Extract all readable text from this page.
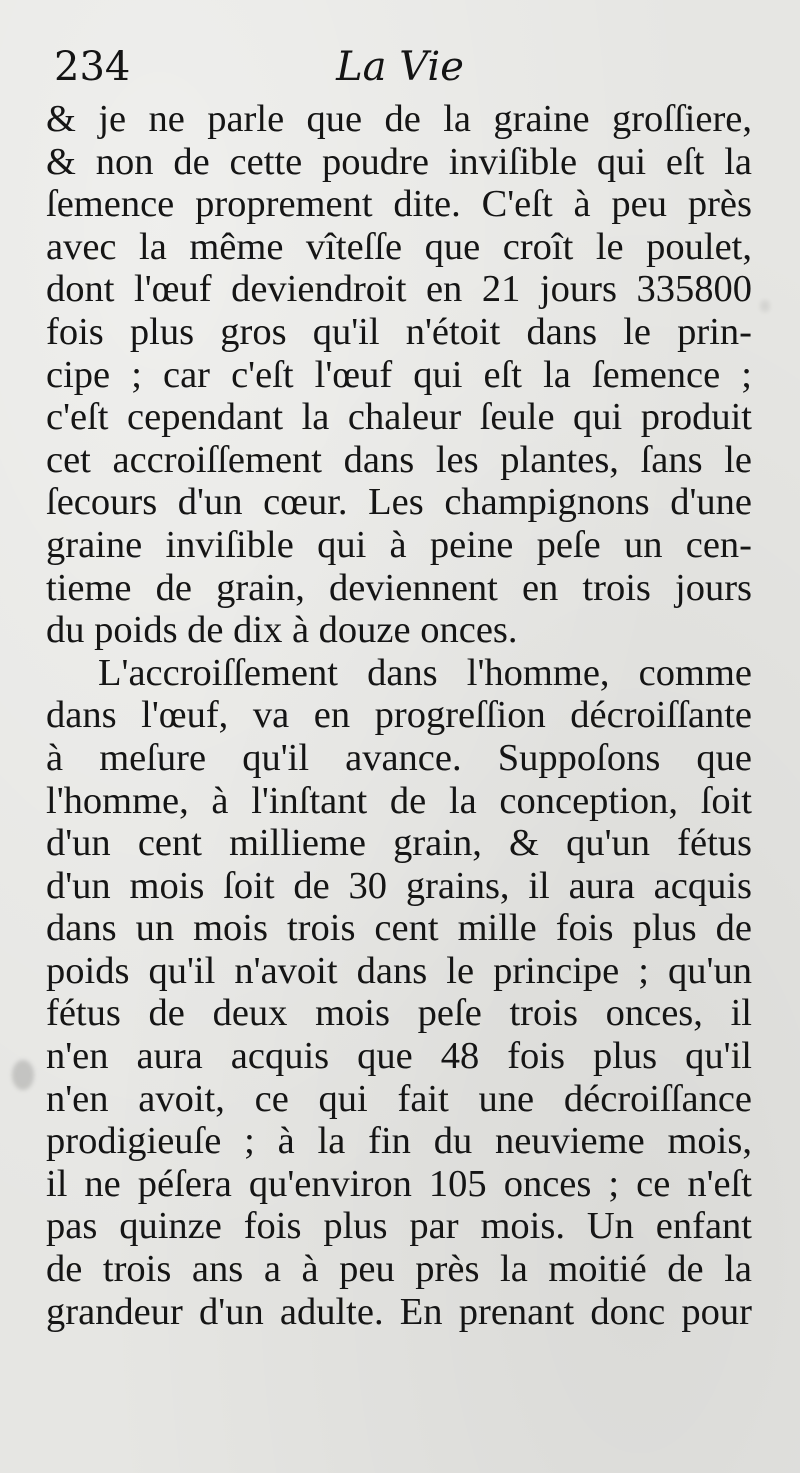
234	La Vie
& je ne parle que de la graine groſſiere,
& non de cette poudre inviſible qui eſt la
ſemence proprement dite. C'eſt à peu près
avec la même vîteſſe que croît le poulet,
dont l'œuf deviendroit en 21 jours 335800
fois plus gros qu'il n'étoit dans le prin-
cipe ; car c'eſt l'œuf qui eſt la ſemence ;
c'eſt cependant la chaleur ſeule qui produit
cet accroiſſement dans les plantes, ſans le
ſecours d'un cœur. Les champignons d'une
graine inviſible qui à peine peſe un cen-
tieme de grain, deviennent en trois jours
du poids de dix à douze onces.
L'accroiſſement dans l'homme, comme
dans l'œuf, va en progreſſion décroiſſante
à meſure qu'il avance. Suppoſons que
l'homme, à l'inſtant de la conception, ſoit
d'un cent millieme grain, & qu'un fétus
d'un mois ſoit de 30 grains, il aura acquis
dans un mois trois cent mille fois plus de
poids qu'il n'avoit dans le principe ; qu'un
fétus de deux mois peſe trois onces, il
n'en aura acquis que 48 fois plus qu'il
n'en avoit, ce qui fait une décroiſſance
prodigieuſe ; à la fin du neuvieme mois,
il ne péſera qu'environ 105 onces ; ce n'eſt
pas quinze fois plus par mois. Un enfant
de trois ans a à peu près la moitié de la
grandeur d'un adulte. En prenant donc pour
